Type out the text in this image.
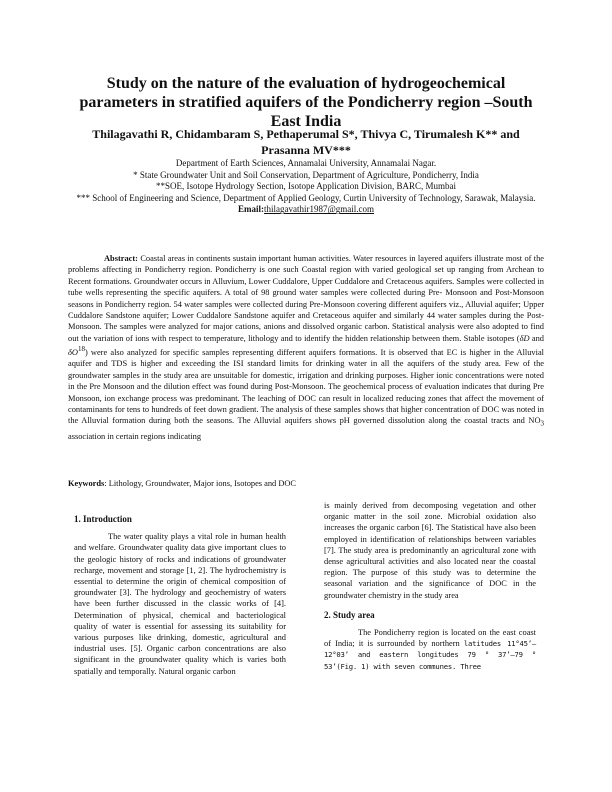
Study on the nature of the evaluation of hydrogeochemical parameters in stratified aquifers of the Pondicherry region –South East India
Thilagavathi R, Chidambaram S, Pethaperumal S*, Thivya C, Tirumalesh K** and Prasanna MV***
Department of Earth Sciences, Annamalai University, Annamalai Nagar.
* State Groundwater Unit and Soil Conservation, Department of Agriculture, Pondicherry, India
**SOE, Isotope Hydrology Section, Isotope Application Division, BARC, Mumbai
*** School of Engineering and Science, Department of Applied Geology, Curtin University of Technology, Sarawak, Malaysia.
Email:thilagavathir1987@gmail.com

Abstract: Coastal areas in continents sustain important human activities. Water resources in layered aquifers illustrate most of the problems affecting in Pondicherry region. Pondicherry is one such Coastal region with varied geological set up ranging from Archean to Recent formations. Groundwater occurs in Alluvium, Lower Cuddalore, Upper Cuddalore and Cretaceous aquifers. Samples were collected in tube wells representing the specific aquifers. A total of 98 ground water samples were collected during Pre- Monsoon and Post-Monsoon seasons in Pondicherry region. 54 water samples were collected during Pre-Monsoon covering different aquifers viz., Alluvial aquifer; Upper Cuddalore Sandstone aquifer; Lower Cuddalore Sandstone aquifer and Cretaceous aquifer and similarly 44 water samples during the Post-Monsoon. The samples were analyzed for major cations, anions and dissolved organic carbon. Statistical analysis were also adopted to find out the variation of ions with respect to temperature, lithology and to identify the hidden relationship between them. Stable isotopes (δD and $\delta O^{18}$) were also analyzed for specific samples representing different aquifers formations. It is observed that EC is higher in the Alluvial aquifer and TDS is higher and exceeding the ISI standard limits for drinking water in all the aquifers of the study area. Few of the groundwater samples in the study area are unsuitable for domestic, irrigation and drinking purposes. Higher ionic concentrations were noted in the Pre Monsoon and the dilution effect was found during Post-Monsoon. The geochemical process of evaluation indicates that during Pre Monsoon, ion exchange process was predominant. The leaching of DOC can result in localized reducing zones that affect the movement of contaminants for tens to hundreds of feet down gradient. The analysis of these samples shows that higher concentration of DOC was noted in the Alluvial formation during both the seasons. The Alluvial aquifers shows pH governed dissolution along the coastal tracts and $NO_3$ association in certain regions indicating

Keywords: Lithology, Groundwater, Major ions, Isotopes and DOC

1. Introduction

The water quality plays a vital role in human health and welfare. Groundwater quality data give important clues to the geologic history of rocks and indications of groundwater recharge, movement and storage [1, 2]. The hydrochemistry is essential to determine the origin of chemical composition of groundwater [3]. The hydrology and geochemistry of waters have been further discussed in the classic works of [4]. Determination of physical, chemical and bacteriological quality of water is essential for assessing its suitability for various purposes like drinking, domestic, agricultural and industrial uses. [5]. Organic carbon concentrations are also significant in the groundwater quality which is varies both spatially and temporally. Natural organic carbon

is mainly derived from decomposing vegetation and other organic matter in the soil zone. Microbial oxidation also increases the organic carbon [6]. The Statistical have also been employed in identification of relationships between variables [7]. The study area is predominantly an agricultural zone with dense agricultural activities and also located near the coastal region. The purpose of this study was to determine the seasonal variation and the significance of DOC in the groundwater chemistry in the study area

2. Study area

The Pondicherry region is located on the east coast of India; it is surrounded by northern latitudes 11°45’–12°03’ and eastern longitudes 79 ° 37’–79 ° 53’(Fig. 1) with seven communes. Three
